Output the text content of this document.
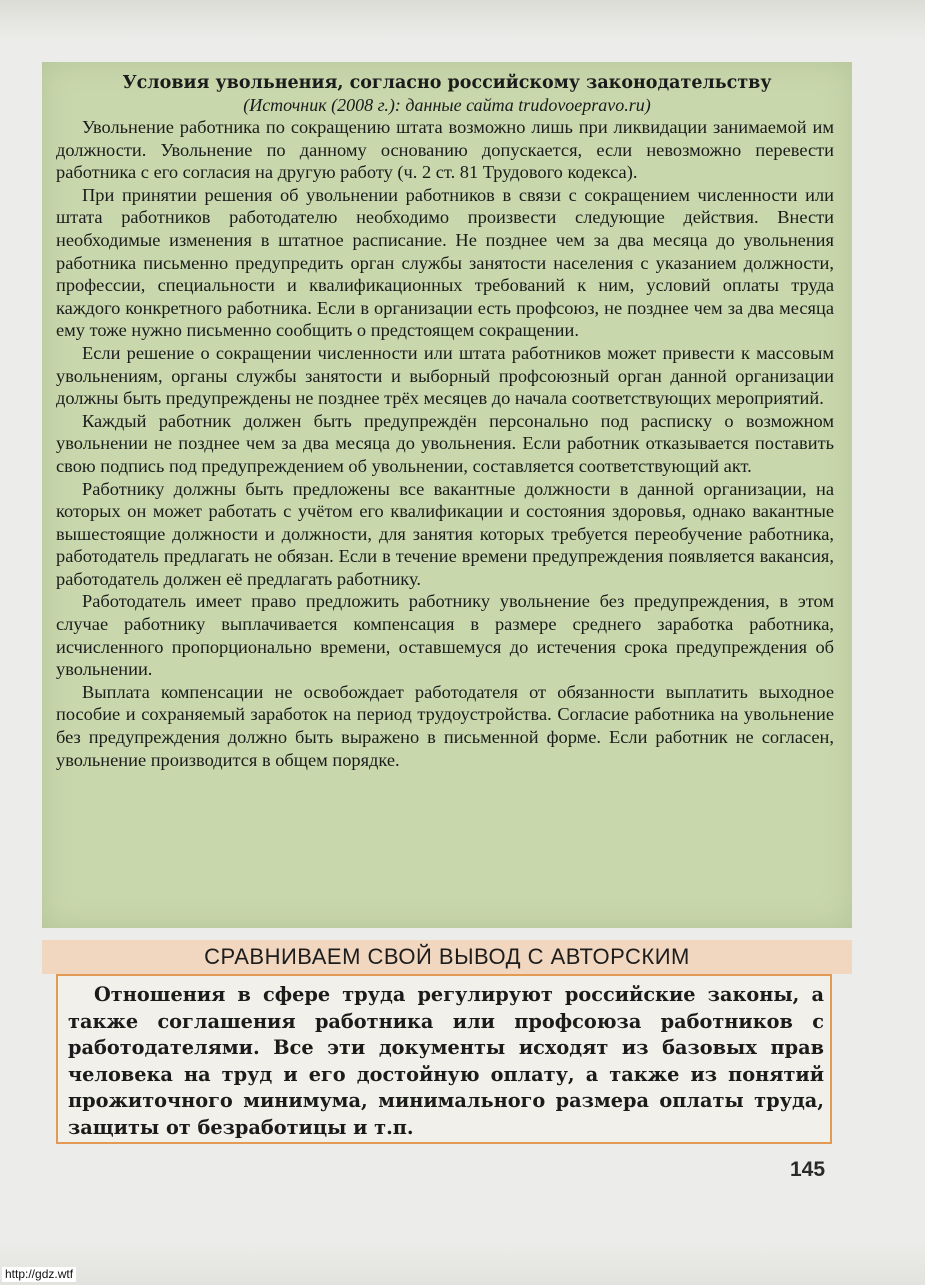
Условия увольнения, согласно российскому законодательству
(Источник (2008 г.): данные сайта trudovoepravo.ru)

Увольнение работника по сокращению штата возможно лишь при ликвидации занимаемой им должности. Увольнение по данному основанию допускается, если невозможно перевести работника с его согласия на другую работу (ч. 2 ст. 81 Трудового кодекса).

При принятии решения об увольнении работников в связи с сокращением численности или штата работников работодателю необходимо произвести следующие действия. Внести необходимые изменения в штатное расписание. Не позднее чем за два месяца до увольнения работника письменно предупредить орган службы занятости населения с указанием должности, профессии, специальности и квалификационных требований к ним, условий оплаты труда каждого конкретного работника. Если в организации есть профсоюз, не позднее чем за два месяца ему тоже нужно письменно сообщить о предстоящем сокращении.

Если решение о сокращении численности или штата работников может привести к массовым увольнениям, органы службы занятости и выборный профсоюзный орган данной организации должны быть предупреждены не позднее трёх месяцев до начала соответствующих мероприятий.

Каждый работник должен быть предупреждён персонально под расписку о возможном увольнении не позднее чем за два месяца до увольнения. Если работник отказывается поставить свою подпись под предупреждением об увольнении, составляется соответствующий акт.

Работнику должны быть предложены все вакантные должности в данной организации, на которых он может работать с учётом его квалификации и состояния здоровья, однако вакантные вышестоящие должности и должности, для занятия которых требуется переобучение работника, работодатель предлагать не обязан. Если в течение времени предупреждения появляется вакансия, работодатель должен её предлагать работнику.

Работодатель имеет право предложить работнику увольнение без предупреждения, в этом случае работнику выплачивается компенсация в размере среднего заработка работника, исчисленного пропорционально времени, оставшемуся до истечения срока предупреждения об увольнении.

Выплата компенсации не освобождает работодателя от обязанности выплатить выходное пособие и сохраняемый заработок на период трудоустройства. Согласие работника на увольнение без предупреждения должно быть выражено в письменной форме. Если работник не согласен, увольнение производится в общем порядке.

СРАВНИВАЕМ СВОЙ ВЫВОД С АВТОРСКИМ

Отношения в сфере труда регулируют российские законы, а также соглашения работника или профсоюза работников с работодателями. Все эти документы исходят из базовых прав человека на труд и его достойную оплату, а также из понятий прожиточного минимума, минимального размера оплаты труда, защиты от безработицы и т.п.

145
http://gdz.wtf
